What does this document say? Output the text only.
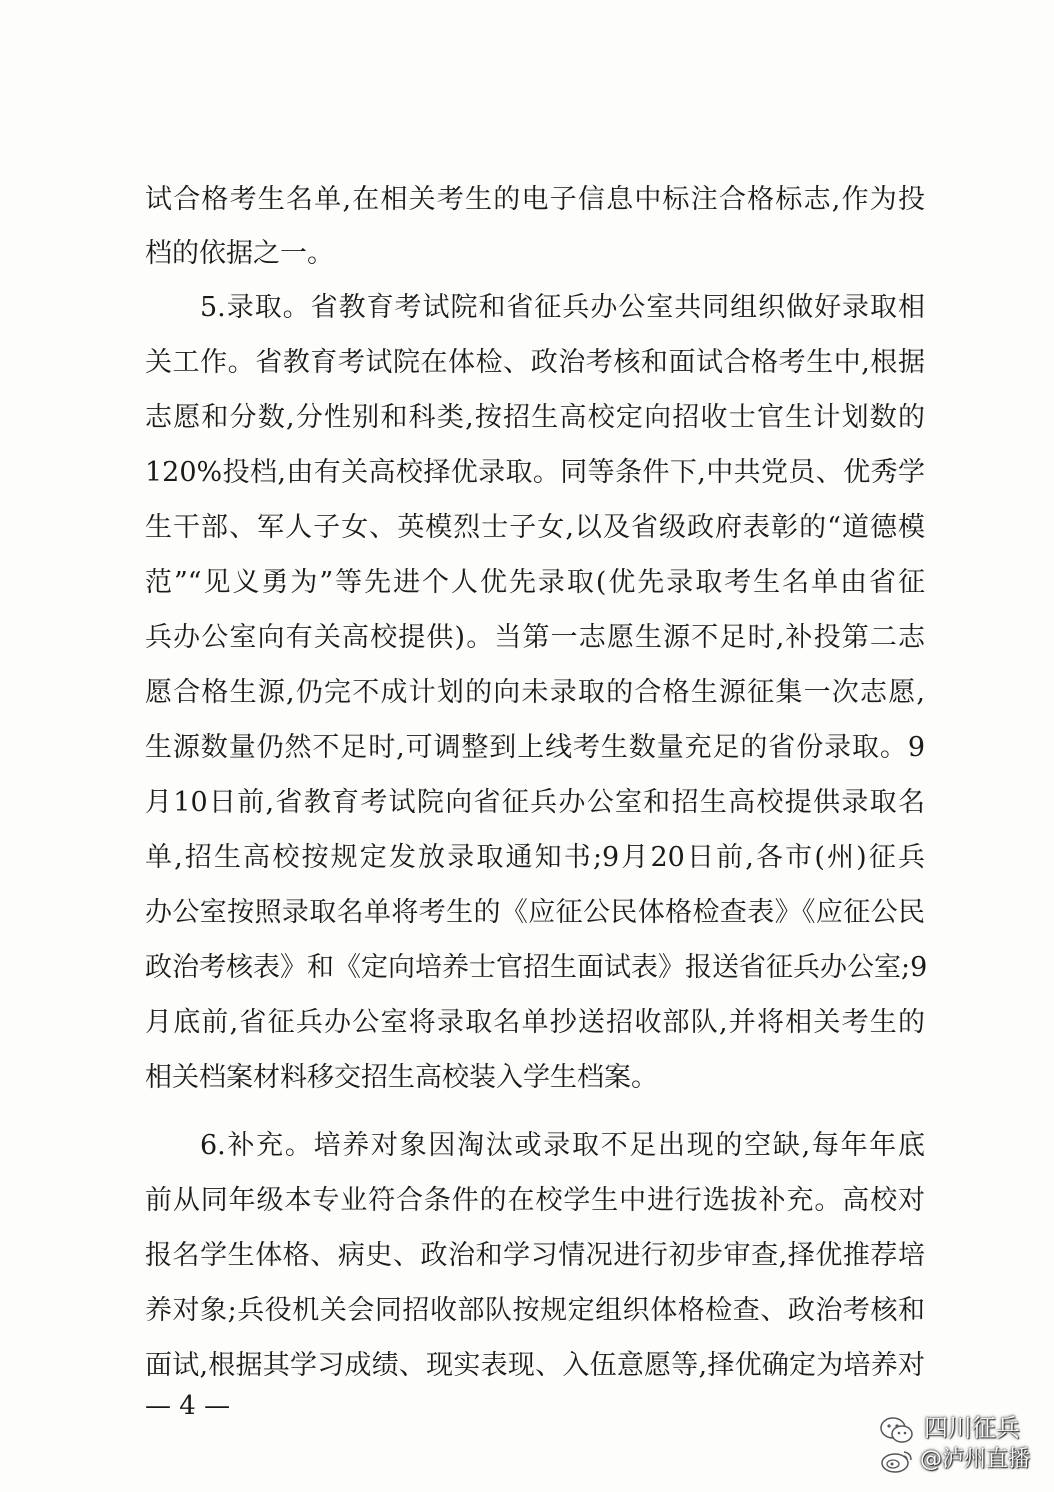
试合格考生名单,在相关考生的电子信息中标注合格标志,作为投
档的依据之一。
5.录取。省教育考试院和省征兵办公室共同组织做好录取相
关工作。省教育考试院在体检、政治考核和面试合格考生中,根据
志愿和分数,分性别和科类,按招生高校定向招收士官生计划数的
120%投档,由有关高校择优录取。同等条件下,中共党员、优秀学
生干部、军人子女、英模烈士子女,以及省级政府表彰的“道德模
范”“见义勇为”等先进个人优先录取(优先录取考生名单由省征
兵办公室向有关高校提供)。当第一志愿生源不足时,补投第二志
愿合格生源,仍完不成计划的向未录取的合格生源征集一次志愿,
生源数量仍然不足时,可调整到上线考生数量充足的省份录取。9
月10日前,省教育考试院向省征兵办公室和招生高校提供录取名
单,招生高校按规定发放录取通知书;9月20日前,各市(州)征兵
办公室按照录取名单将考生的《应征公民体格检查表》《应征公民
政治考核表》和《定向培养士官招生面试表》报送省征兵办公室;9
月底前,省征兵办公室将录取名单抄送招收部队,并将相关考生的
相关档案材料移交招生高校装入学生档案。
6.补充。培养对象因淘汰或录取不足出现的空缺,每年年底
前从同年级本专业符合条件的在校学生中进行选拔补充。高校对
报名学生体格、病史、政治和学习情况进行初步审查,择优推荐培
养对象;兵役机关会同招收部队按规定组织体格检查、政治考核和
面试,根据其学习成绩、现实表现、入伍意愿等,择优确定为培养对
— 4 —
四川征兵
@泸州直播
